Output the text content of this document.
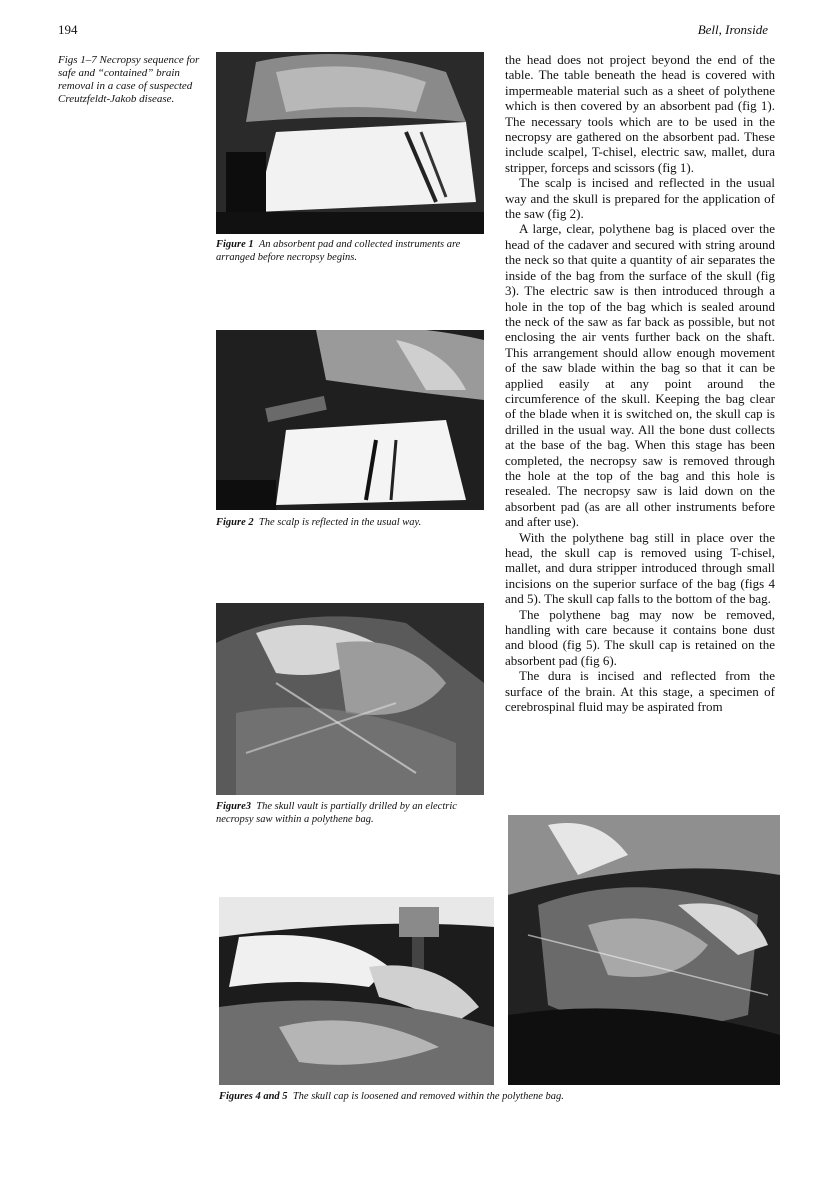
194	Bell, Ironside
Figs 1–7 Necropsy sequence for safe and “contained” brain removal in a case of suspected Creutzfeldt-Jakob disease.
Figure 1 An absorbent pad and collected instruments are arranged before necropsy begins.
Figure 2 The scalp is reflected in the usual way.
Figure3 The skull vault is partially drilled by an electric necropsy saw within a polythene bag.
Figures 4 and 5 The skull cap is loosened and removed within the polythene bag.

the head does not project beyond the end of the table. The table beneath the head is covered with impermeable material such as a sheet of polythene which is then covered by an absorbent pad (fig 1). The necessary tools which are to be used in the necropsy are gathered on the absorbent pad. These include scalpel, T-chisel, electric saw, mallet, dura stripper, forceps and scissors (fig 1).

The scalp is incised and reflected in the usual way and the skull is prepared for the application of the saw (fig 2).

A large, clear, polythene bag is placed over the head of the cadaver and secured with string around the neck so that quite a quantity of air separates the inside of the bag from the surface of the skull (fig 3). The electric saw is then introduced through a hole in the top of the bag which is sealed around the neck of the saw as far back as possible, but not enclosing the air vents further back on the shaft. This arrangement should allow enough movement of the saw blade within the bag so that it can be applied easily at any point around the circumference of the skull. Keeping the bag clear of the blade when it is switched on, the skull cap is drilled in the usual way. All the bone dust collects at the base of the bag. When this stage has been completed, the necropsy saw is removed through the hole at the top of the bag and this hole is resealed. The necropsy saw is laid down on the absorbent pad (as are all other instruments before and after use).

With the polythene bag still in place over the head, the skull cap is removed using T-chisel, mallet, and dura stripper introduced through small incisions on the superior surface of the bag (figs 4 and 5). The skull cap falls to the bottom of the bag.

The polythene bag may now be removed, handling with care because it contains bone dust and blood (fig 5). The skull cap is retained on the absorbent pad (fig 6).

The dura is incised and reflected from the surface of the brain. At this stage, a specimen of cerebrospinal fluid may be aspirated from
